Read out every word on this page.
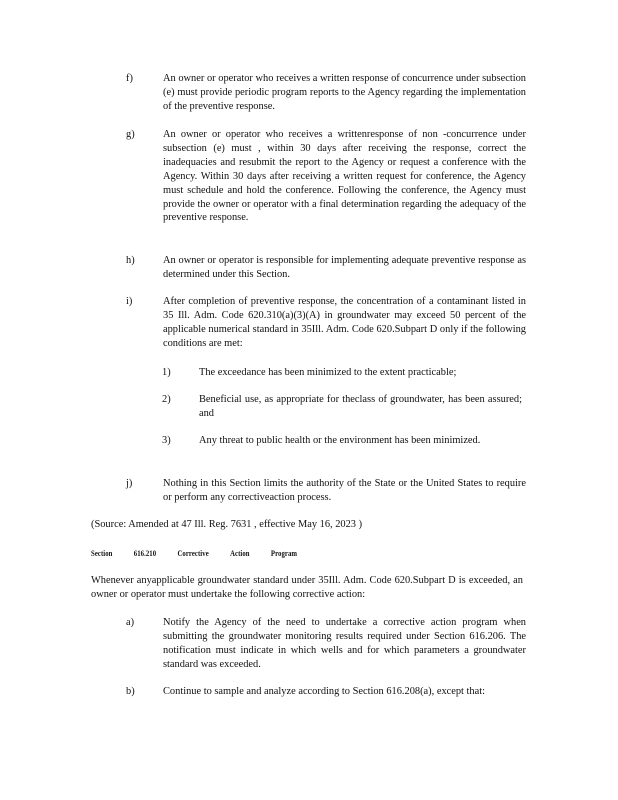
f)	An owner or operator who receives a written response of concurrence under subsection (e) must provide periodic program reports to the Agency regarding the implementation of the preventive response.
g)	An owner or operator who receives a writtenresponse of non -concurrence under subsection (e) must , within 30 days after receiving the response, correct the inadequacies and resubmit the report to the Agency or request a conference with the Agency. Within 30 days after receiving a written request for conference, the Agency must schedule and hold the conference. Following the conference, the Agency must provide the owner or operator with a final determination regarding the adequacy of the preventive response.
h)	An owner or operator is responsible for implementing adequate preventive response as determined under this Section.
i)	After completion of preventive response, the concentration of a contaminant listed in 35 Ill. Adm. Code 620.310(a)(3)(A) in groundwater may exceed 50 percent of the applicable numerical standard in 35Ill. Adm. Code 620.Subpart D only if the following conditions are met:
1)	The exceedance has been minimized to the extent practicable;
2)	Beneficial use, as appropriate for theclass of groundwater, has been assured; and
3)	Any threat to public health or the environment has been minimized.
j)	Nothing in this Section limits the authority of the State or the United States to require or perform any correctiveaction process.
(Source: Amended at 47 Ill. Reg. 7631 , effective May 16, 2023 )
Section	616.210	Corrective	Action	Program
Whenever anyapplicable groundwater standard under 35Ill. Adm. Code 620.Subpart D is exceeded, an owner or operator must undertake the following corrective action:
a)	Notify the Agency of the need to undertake a corrective action program when submitting the groundwater monitoring results required under Section 616.206. The notification must indicate in which wells and for which parameters a groundwater standard was exceeded.
b)	Continue to sample and analyze according to Section 616.208(a), except that:
